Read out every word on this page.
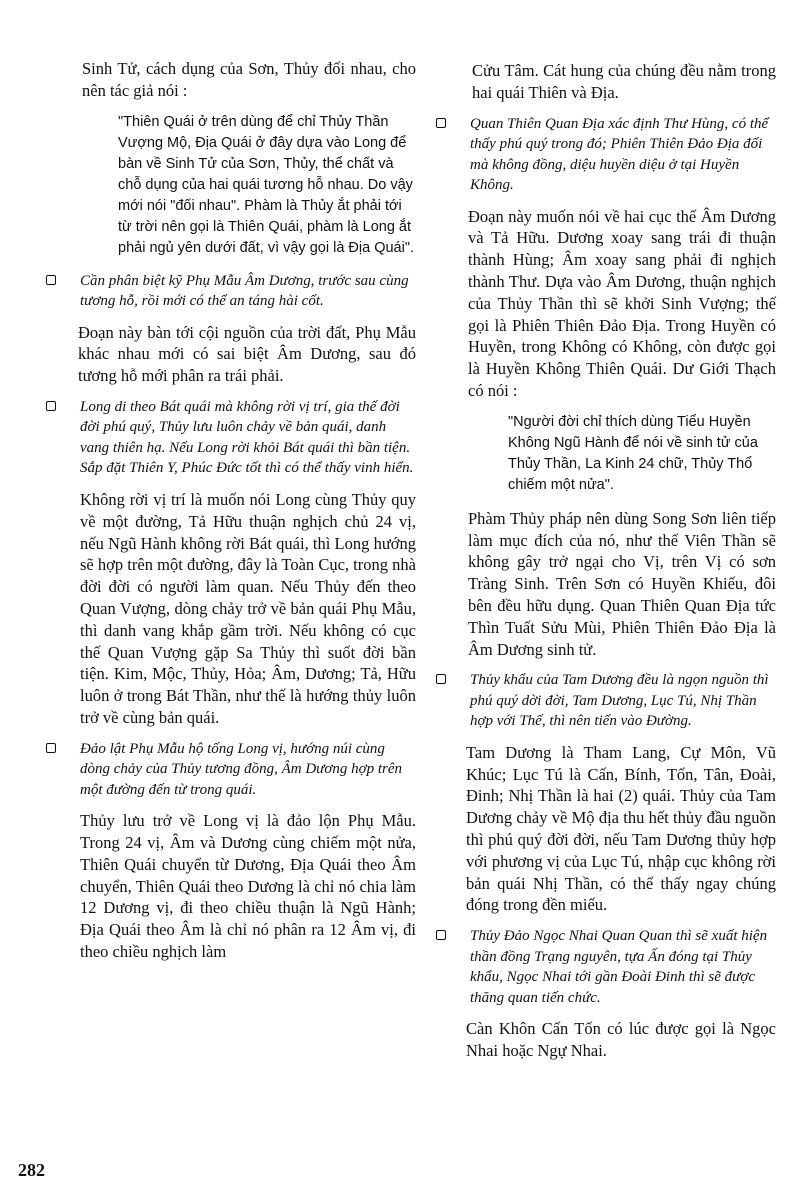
Sinh Tử, cách dụng của Sơn, Thủy đối nhau, cho nên tác giả nói :

"Thiên Quái ở trên dùng để chỉ Thủy Thần Vượng Mộ, Địa Quái ở đây dựa vào Long để bàn về Sinh Tử của Sơn, Thủy, thể chất và chỗ dụng của hai quái tương hỗ nhau. Do vậy mới nói "đối nhau". Phàm là Thủy ắt phải tới từ trời nên gọi là Thiên Quái, phàm là Long ắt phải ngủ yên dưới đất, vì vậy gọi là Địa Quái".

Cần phân biệt kỹ Phụ Mẫu Âm Dương, trước sau cùng tương hỗ, rồi mới có thể an táng hài cốt.

Đoạn này bàn tới cội nguồn của trời đất, Phụ Mẫu khác nhau mới có sai biệt Âm Dương, sau đó tương hỗ mới phân ra trái phải.

Long di theo Bát quái mà không rời vị trí, gia thế đời đời phú quý, Thủy lưu luôn chảy về bản quái, danh vang thiên hạ. Nếu Long rời khỏi Bát quái thì bần tiện. Sắp đặt Thiên Y, Phúc Đức tốt thì có thể thấy vinh hiển.

Không rời vị trí là muốn nói Long cùng Thủy quy về một đường, Tả Hữu thuận nghịch chủ 24 vị, nếu Ngũ Hành không rời Bát quái, thì Long hướng sẽ hợp trên một đường, đây là Toàn Cục, trong nhà đời đời có người làm quan. Nếu Thủy đến theo Quan Vượng, dòng chảy trở về bản quái Phụ Mẫu, thì danh vang khắp gầm trời. Nếu không có cục thế Quan Vượng gặp Sa Thủy thì suốt đời bần tiện. Kim, Mộc, Thủy, Hỏa; Âm, Dương; Tả, Hữu luôn ở trong Bát Thần, như thế là hướng thủy luôn trở về cùng bản quái.

Đảo lật Phụ Mẫu hộ tống Long vị, hướng núi cùng dòng chảy của Thủy tương đồng, Âm Dương hợp trên một đường đến từ trong quái.

Thủy lưu trở về Long vị là đảo lộn Phụ Mẫu. Trong 24 vị, Âm và Dương cùng chiếm một nửa, Thiên Quái chuyển từ Dương, Địa Quái theo Âm chuyển, Thiên Quái theo Dương là chỉ nó chia làm 12 Dương vị, đi theo chiều thuận là Ngũ Hành; Địa Quái theo Âm là chỉ nó phân ra 12 Âm vị, đi theo chiều nghịch làm

Cửu Tâm. Cát hung của chúng đều nằm trong hai quái Thiên và Địa.

Quan Thiên Quan Địa xác định Thư Hùng, có thể thấy phú quý trong đó; Phiên Thiên Đảo Địa đối mà không đồng, diệu huyền diệu ở tại Huyền Không.

Đoạn này muốn nói về hai cục thế Âm Dương và Tả Hữu. Dương xoay sang trái đi thuận thành Hùng; Âm xoay sang phải đi nghịch thành Thư. Dựa vào Âm Dương, thuận nghịch của Thủy Thần thì sẽ khởi Sinh Vượng; thế gọi là Phiên Thiên Đảo Địa. Trong Huyền có Huyền, trong Không có Không, còn được gọi là Huyền Không Thiên Quái. Dư Giới Thạch có nói :

"Người đời chỉ thích dùng Tiểu Huyền Không Ngũ Hành để nói về sinh tử của Thủy Thần, La Kinh 24 chữ, Thủy Thổ chiếm một nửa".

Phàm Thủy pháp nên dùng Song Sơn liên tiếp làm mục đích của nó, như thế Viên Thần sẽ không gây trở ngại cho Vị, trên Vị có sơn Tràng Sinh. Trên Sơn có Huyền Khiếu, đôi bên đều hữu dụng. Quan Thiên Quan Địa tức Thìn Tuất Sửu Mùi, Phiên Thiên Đảo Địa là Âm Dương sinh tử.

Thủy khẩu của Tam Dương đều là ngọn nguồn thì phú quý dời đời, Tam Dương, Lục Tú, Nhị Thần hợp với Thế, thì nên tiến vào Đường.

Tam Dương là Tham Lang, Cự Môn, Vũ Khúc; Lục Tú là Cấn, Bính, Tốn, Tân, Đoài, Đinh; Nhị Thần là hai (2) quái. Thủy của Tam Dương chảy về Mộ địa thu hết thủy đầu nguồn thì phú quý đời đời, nếu Tam Dương thủy hợp với phương vị của Lục Tú, nhập cục không rời bản quái Nhị Thần, có thể thấy ngay chúng đóng trong đền miếu.

Thủy Đảo Ngọc Nhai Quan Quan thì sẽ xuất hiện thần đồng Trạng nguyên, tựa Ấn đóng tại Thủy khẩu, Ngọc Nhai tới gần Đoài Đinh thì sẽ được thăng quan tiến chức.

Càn Khôn Cấn Tốn có lúc được gọi là Ngọc Nhai hoặc Ngự Nhai.

282
